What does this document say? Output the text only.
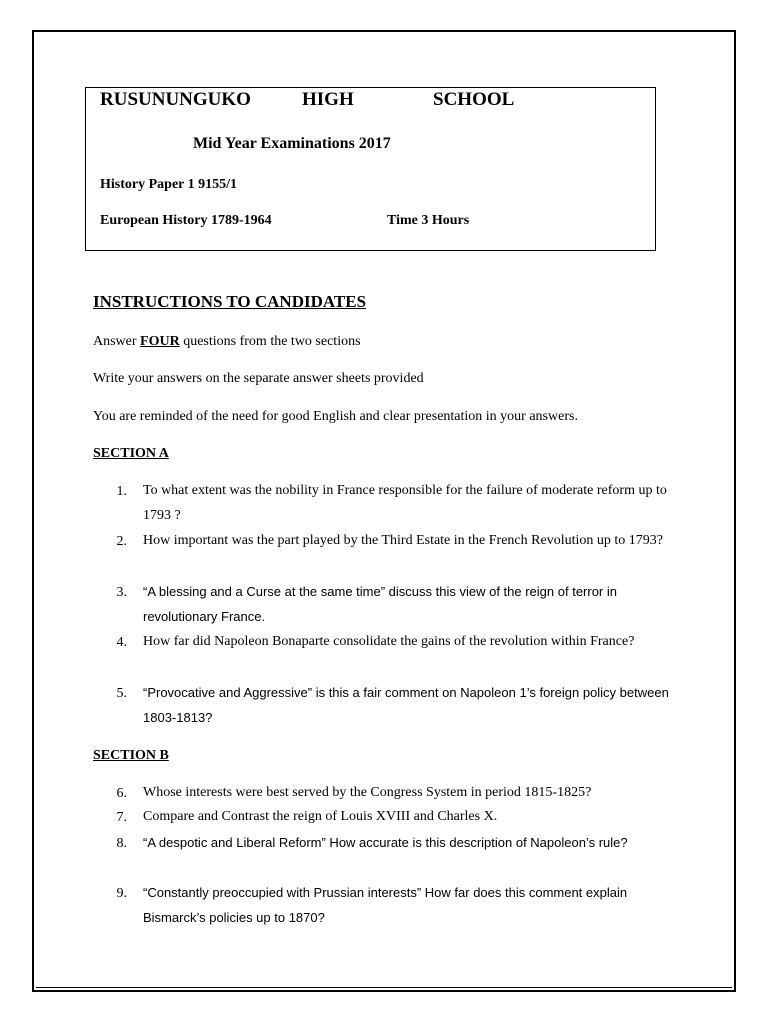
RUSUNUNGUKO	HIGH	SCHOOL
Mid Year Examinations 2017
History Paper 1 9155/1
European History 1789-1964	Time 3 Hours
INSTRUCTIONS TO CANDIDATES
Answer FOUR questions from the two sections
Write your answers on the separate answer sheets provided
You are reminded of the need for good English and clear presentation in your answers.
SECTION A
1. To what extent was the nobility in France responsible for the failure of moderate reform up to 1793 ?
2. How important was the part played by the Third Estate in the French Revolution up to 1793?
3. “A blessing and a Curse at the same time” discuss this view of the reign of terror in revolutionary France.
4. How far did Napoleon Bonaparte consolidate the gains of the revolution within France?
5. “Provocative and Aggressive” is this a fair comment on Napoleon 1’s foreign policy between 1803-1813?
SECTION B
6. Whose interests were best served by the Congress System in period 1815-1825?
7. Compare and Contrast the reign of Louis XVIII and Charles X.
8. “A despotic and Liberal Reform” How accurate is this description of Napoleon’s rule?
9. “Constantly preoccupied with Prussian interests” How far does this comment explain Bismarck’s policies up to 1870?
